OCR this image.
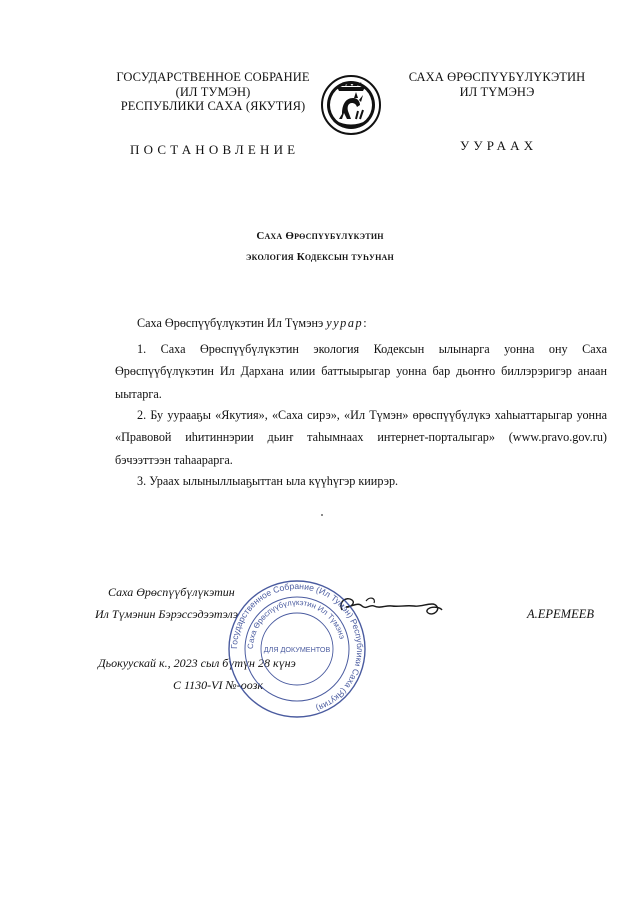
ГОСУДАРСТВЕННОЕ СОБРАНИЕ
(ИЛ ТУМЭН)
РЕСПУБЛИКИ САХА (ЯКУТИЯ)
САХА ӨРӨСПҮҮБҮЛҮКЭТИН
ИЛ ТҮМЭНЭ
ПОСТАНОВЛЕНИЕ	УУРААХ
Саха Өрөспүүбүлүкэтин
экология Кодексын туһунан
Саха Өрөспүүбүлүкэтин Ил Түмэнэ уурар:
1. Саха Өрөспүүбүлүкэтин экология Кодексын ылынарга уонна ону Саха Өрөспүүбүлүкэтин Ил Дархана илии баттыырыгар уонна бар дьоҥҥо биллэрэригэр анаан ыытарга.
2. Бу уурааҕы «Якутия», «Саха сирэ», «Ил Түмэн» өрөспүүбүлүкэ хаһыаттарыгар уонна «Правовой иһитиннэрии дьиҥ таһымнаах интернет-порталыгар» (www.pravo.gov.ru) бэчээттээн таһаарарга.
3. Ураах ылыныллыаҕыттан ыла күүһүгэр киирэр.
Саха Өрөспүүбүлүкэтин
Ил Түмэнин Бэрэссэдээтэлэ	А.ЕРЕМЕЕВ
Дьокуускай к., 2023 сыл бүтүн 28 күнэ
С 1130-VI №-ooзк
Государственное Собрание (Ил Тумэн) Республики Саха (Якутия)
Саха Өрөспүүбүлүкэтин Ил Түмэнэ
ДЛЯ ДОКУМЕНТОВ
